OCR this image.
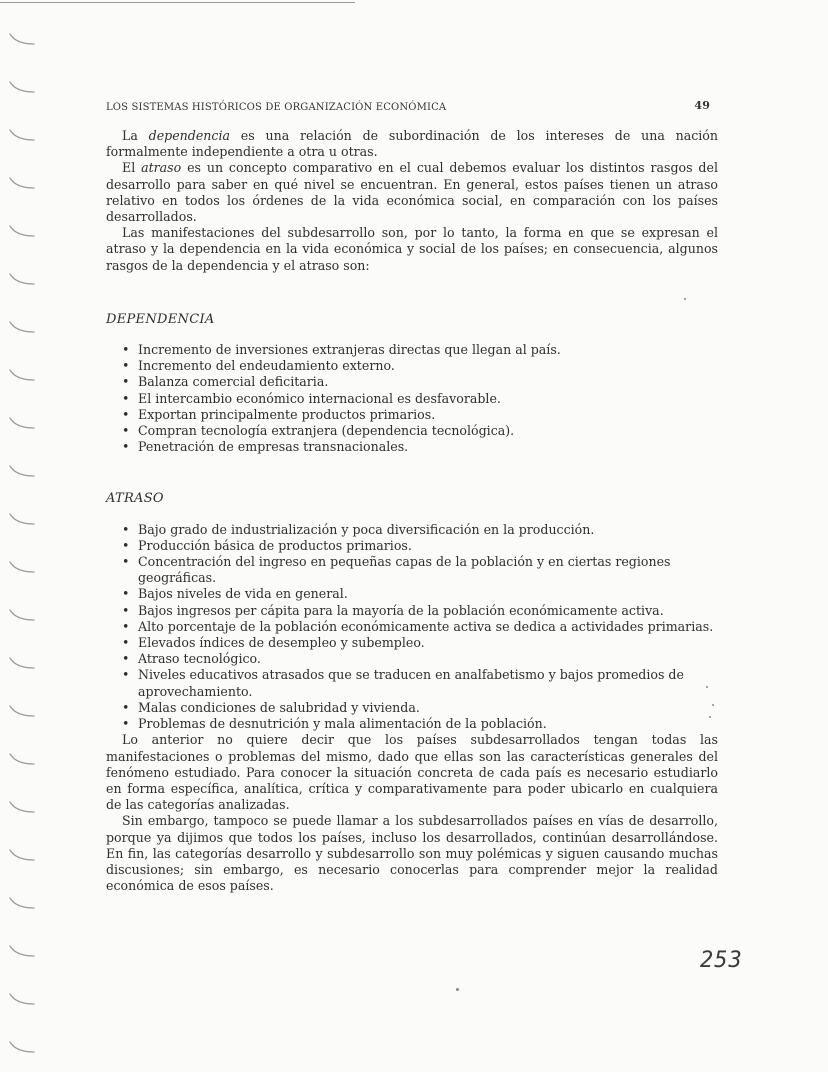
LOS SISTEMAS HISTÓRICOS DE ORGANIZACIÓN ECONÓMICA	49

La dependencia es una relación de subordinación de los intereses de una nación formalmente independiente a otra u otras.

El atraso es un concepto comparativo en el cual debemos evaluar los distintos rasgos del desarrollo para saber en qué nivel se encuentran. En general, estos países tienen un atraso relativo en todos los órdenes de la vida económica social, en comparación con los países desarrollados.

Las manifestaciones del subdesarrollo son, por lo tanto, la forma en que se expresan el atraso y la dependencia en la vida económica y social de los países; en consecuencia, algunos rasgos de la dependencia y el atraso son:

DEPENDENCIA
• Incremento de inversiones extranjeras directas que llegan al país.
• Incremento del endeudamiento externo.
• Balanza comercial deficitaria.
• El intercambio económico internacional es desfavorable.
• Exportan principalmente productos primarios.
• Compran tecnología extranjera (dependencia tecnológica).
• Penetración de empresas transnacionales.
ATRASO
• Bajo grado de industrialización y poca diversificación en la producción.
• Producción básica de productos primarios.
• Concentración del ingreso en pequeñas capas de la población y en ciertas regiones geográficas.
• Bajos niveles de vida en general.
• Bajos ingresos per cápita para la mayoría de la población económicamente activa.
• Alto porcentaje de la población económicamente activa se dedica a actividades primarias.
• Elevados índices de desempleo y subempleo.
• Atraso tecnológico.
• Niveles educativos atrasados que se traducen en analfabetismo y bajos promedios de aprovechamiento.
• Malas condiciones de salubridad y vivienda.
• Problemas de desnutrición y mala alimentación de la población.

Lo anterior no quiere decir que los países subdesarrollados tengan todas las manifestaciones o problemas del mismo, dado que ellas son las características generales del fenómeno estudiado. Para conocer la situación concreta de cada país es necesario estudiarlo en forma específica, analítica, crítica y comparativamente para poder ubicarlo en cualquiera de las categorías analizadas.

Sin embargo, tampoco se puede llamar a los subdesarrollados países en vías de desarrollo, porque ya dijimos que todos los países, incluso los desarrollados, continúan desarrollándose. En fin, las categorías desarrollo y subdesarrollo son muy polémicas y siguen causando muchas discusiones; sin embargo, es necesario conocerlas para comprender mejor la realidad económica de esos países.

253
